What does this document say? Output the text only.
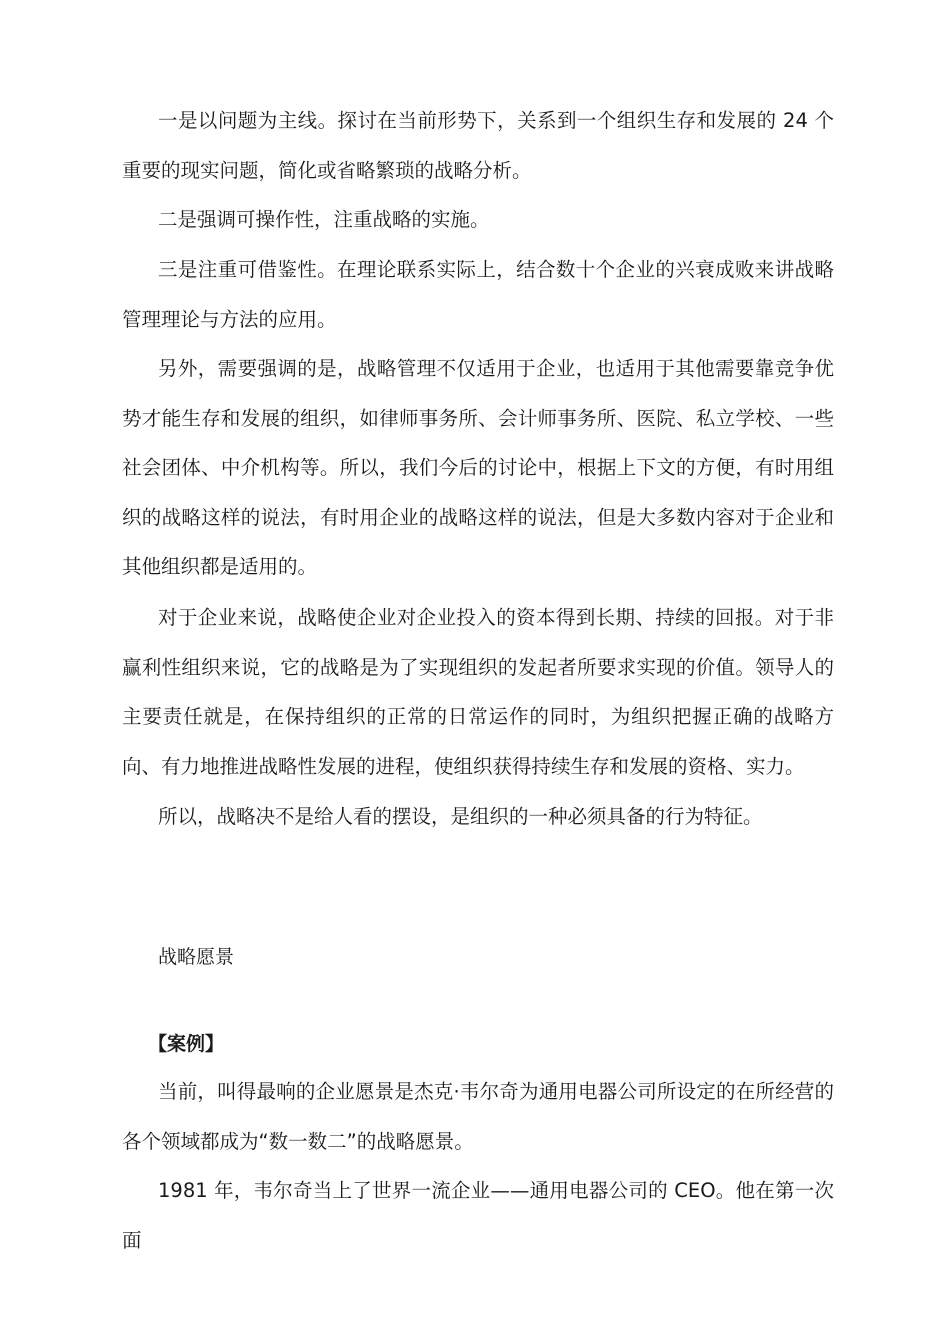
一是以问题为主线。探讨在当前形势下，关系到一个组织生存和发展的 24 个重要的现实问题，简化或省略繁琐的战略分析。

二是强调可操作性，注重战略的实施。

三是注重可借鉴性。在理论联系实际上，结合数十个企业的兴衰成败来讲战略管理理论与方法的应用。

另外，需要强调的是，战略管理不仅适用于企业，也适用于其他需要靠竞争优势才能生存和发展的组织，如律师事务所、会计师事务所、医院、私立学校、一些社会团体、中介机构等。所以，我们今后的讨论中，根据上下文的方便，有时用组织的战略这样的说法，有时用企业的战略这样的说法，但是大多数内容对于企业和其他组织都是适用的。

对于企业来说，战略使企业对企业投入的资本得到长期、持续的回报。对于非赢利性组织来说，它的战略是为了实现组织的发起者所要求实现的价值。领导人的主要责任就是，在保持组织的正常的日常运作的同时，为组织把握正确的战略方向、有力地推进战略性发展的进程，使组织获得持续生存和发展的资格、实力。

所以，战略决不是给人看的摆设，是组织的一种必须具备的行为特征。

战略愿景

【案例】

当前，叫得最响的企业愿景是杰克·韦尔奇为通用电器公司所设定的在所经营的各个领域都成为“数一数二”的战略愿景。

1981 年，韦尔奇当上了世界一流企业——通用电器公司的 CEO。他在第一次面
